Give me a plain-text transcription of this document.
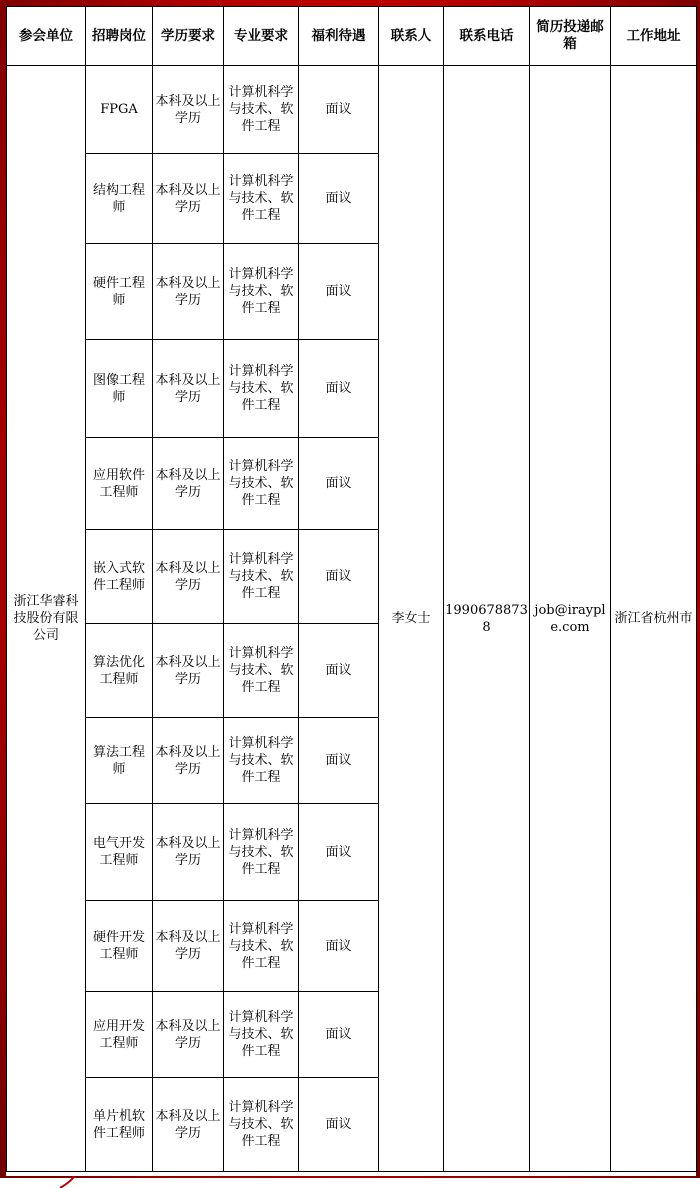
参会单位	招聘岗位	学历要求	专业要求	福利待遇	联系人	联系电话	简历投递邮箱	工作地址
浙江华睿科技股份有限公司	FPGA	本科及以上学历	计算机科学与技术、软件工程	面议	李女士	19906788738	job@irayple.com	浙江省杭州市
	结构工程师	本科及以上学历	计算机科学与技术、软件工程	面议				
	硬件工程师	本科及以上学历	计算机科学与技术、软件工程	面议				
	图像工程师	本科及以上学历	计算机科学与技术、软件工程	面议				
	应用软件工程师	本科及以上学历	计算机科学与技术、软件工程	面议				
	嵌入式软件工程师	本科及以上学历	计算机科学与技术、软件工程	面议				
	算法优化工程师	本科及以上学历	计算机科学与技术、软件工程	面议				
	算法工程师	本科及以上学历	计算机科学与技术、软件工程	面议				
	电气开发工程师	本科及以上学历	计算机科学与技术、软件工程	面议				
	硬件开发工程师	本科及以上学历	计算机科学与技术、软件工程	面议				
	应用开发工程师	本科及以上学历	计算机科学与技术、软件工程	面议				
	单片机软件工程师	本科及以上学历	计算机科学与技术、软件工程	面议				
